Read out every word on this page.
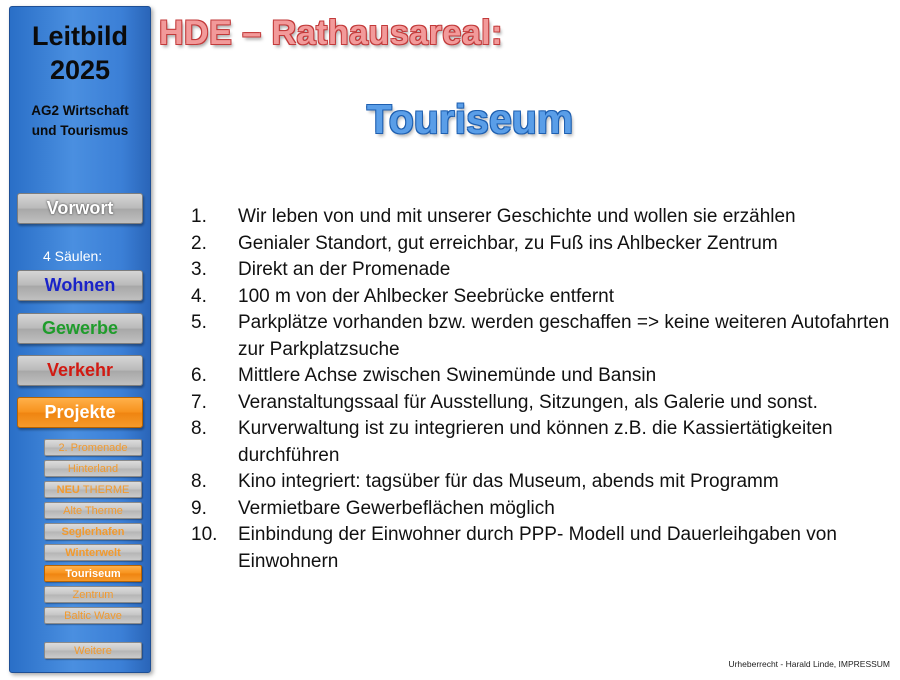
Leitbild
2025
AG2 Wirtschaft
und Tourismus
Vorwort
4 Säulen:
Wohnen
Gewerbe
Verkehr
Projekte
2. Promenade
Hinterland
NEU
THERME
Alte Therme
Seglerhafen
Winterwelt
Touriseum
Zentrum
Baltic Wave
Weitere
HDE – Rathausareal:
Touriseum
1.	Wir leben von und mit unserer Geschichte und wollen sie erzählen
2.	Genialer Standort, gut erreichbar, zu Fuß ins Ahlbecker Zentrum
3.	Direkt an der Promenade
4.	100 m von der Ahlbecker Seebrücke entfernt
5.	Parkplätze vorhanden bzw. werden geschaffen => keine weiteren Autofahrten zur Parkplatzsuche
6.	Mittlere Achse zwischen Swinemünde und Bansin
7.	Veranstaltungssaal für Ausstellung, Sitzungen, als Galerie und sonst.
8.	Kurverwaltung ist zu integrieren und können z.B. die Kassiertätigkeiten durchführen
8.	Kino integriert: tagsüber für das Museum, abends mit Programm
9.	Vermietbare Gewerbeflächen möglich
10.	Einbindung der Einwohner durch PPP- Modell und Dauerleihgaben von Einwohnern
Urheberrecht - Harald Linde, IMPRESSUM
